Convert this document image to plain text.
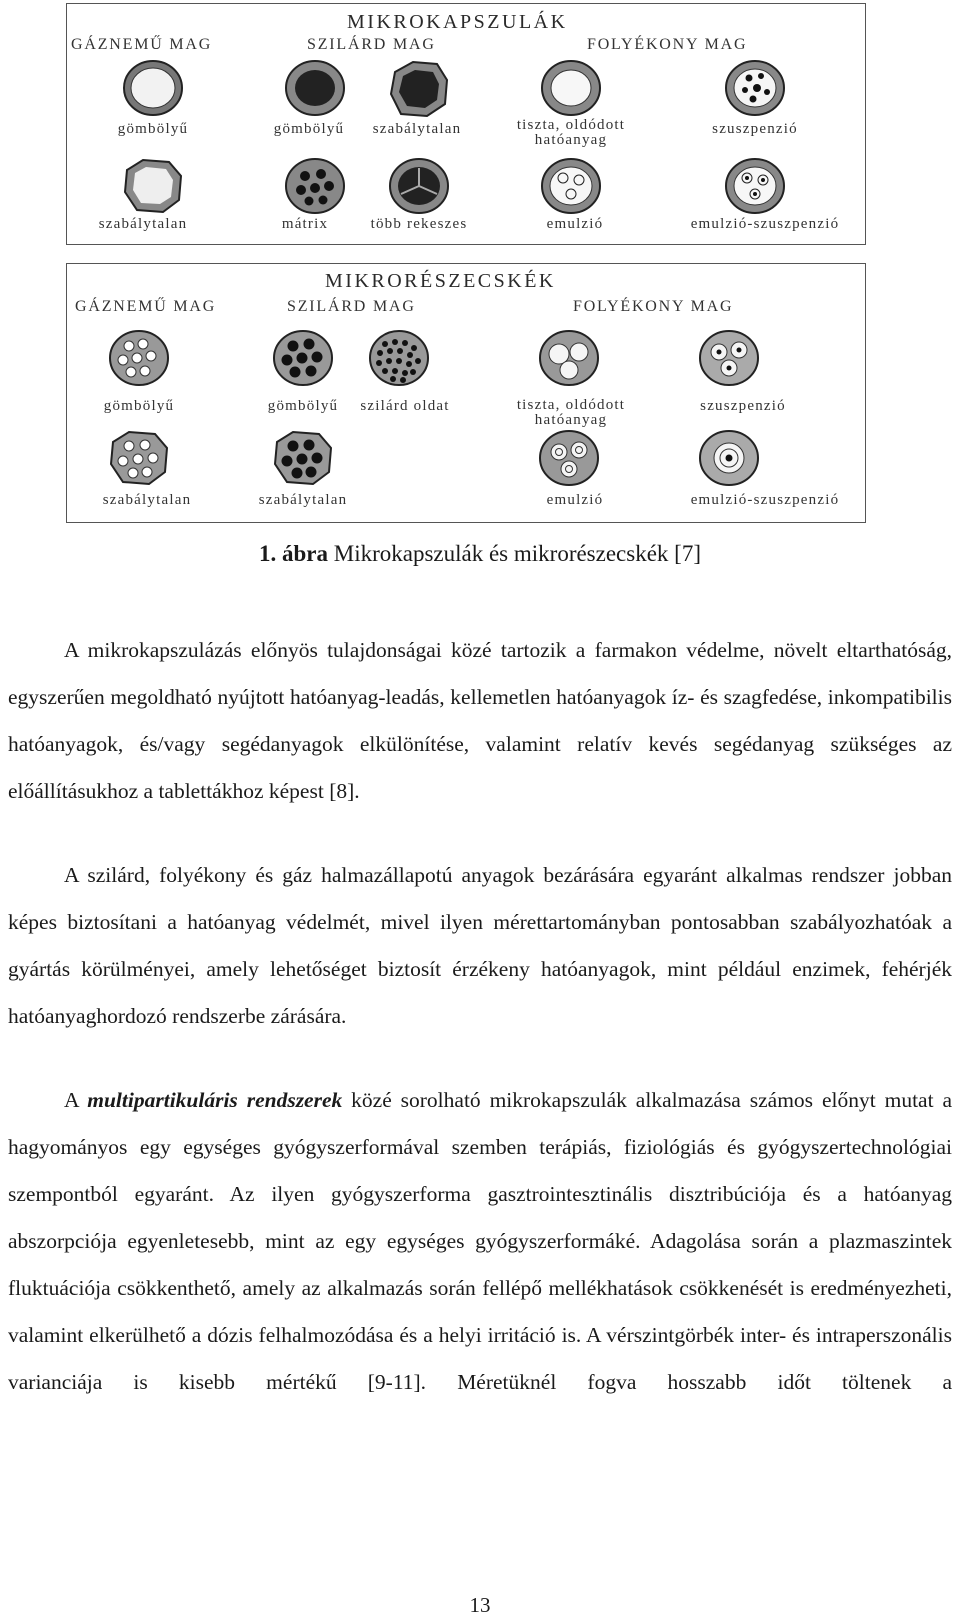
MIKROKAPSZULÁK
GÁZNEMŰ MAG	SZILÁRD MAG	FOLYÉKONY MAG
gömbölyű	gömbölyű szabálytalan	tiszta, oldódott hatóanyag
szuszpenzió
szabálytalan	mátrix	több rekeszes	emulzió	emulzió-szuszpenzió
MIKRORÉSZECSKÉK
GÁZNEMŰ MAG	SZILÁRD MAG	FOLYÉKONY MAG
gömbölyű	gömbölyű szilárd oldat	tiszta, oldódott hatóanyag
szuszpenzió
szabálytalan	szabálytalan	emulzió	emulzió-szuszpenzió
1. ábra Mikrokapszulák és mikrorészecskék [7]

A mikrokapszulázás előnyös tulajdonságai közé tartozik a farmakon védelme, növelt eltarthatóság, egyszerűen megoldható nyújtott hatóanyag-leadás, kellemetlen hatóanyagok íz- és szagfedése, inkompatibilis hatóanyagok, és/vagy segédanyagok elkülönítése, valamint relatív kevés segédanyag szükséges az előállításukhoz a tablettákhoz képest [8].

A szilárd, folyékony és gáz halmazállapotú anyagok bezárására egyaránt alkalmas rendszer jobban képes biztosítani a hatóanyag védelmét, mivel ilyen mérettartományban pontosabban szabályozhatóak a gyártás körülményei, amely lehetőséget biztosít érzékeny hatóanyagok, mint például enzimek, fehérjék hatóanyaghordozó rendszerbe zárására.

A multipartikuláris rendszerek közé sorolható mikrokapszulák alkalmazása számos előnyt mutat a hagyományos egy egységes gyógyszerformával szemben terápiás, fiziológiás és gyógyszertechnológiai szempontból egyaránt. Az ilyen gyógyszerforma gasztrointesztinális disztribúciója és a hatóanyag abszorpciója egyenletesebb, mint az egy egységes gyógyszerformáké. Adagolása során a plazmaszintek fluktuációja csökkenthető, amely az alkalmazás során fellépő mellékhatások csökkenését is eredményezheti, valamint elkerülhető a dózis felhalmozódása és a helyi irritáció is. A vérszintgörbék inter- és intraperszonális varianciája is kisebb mértékű [9-11]. Méretüknél fogva hosszabb időt töltenek a

13
